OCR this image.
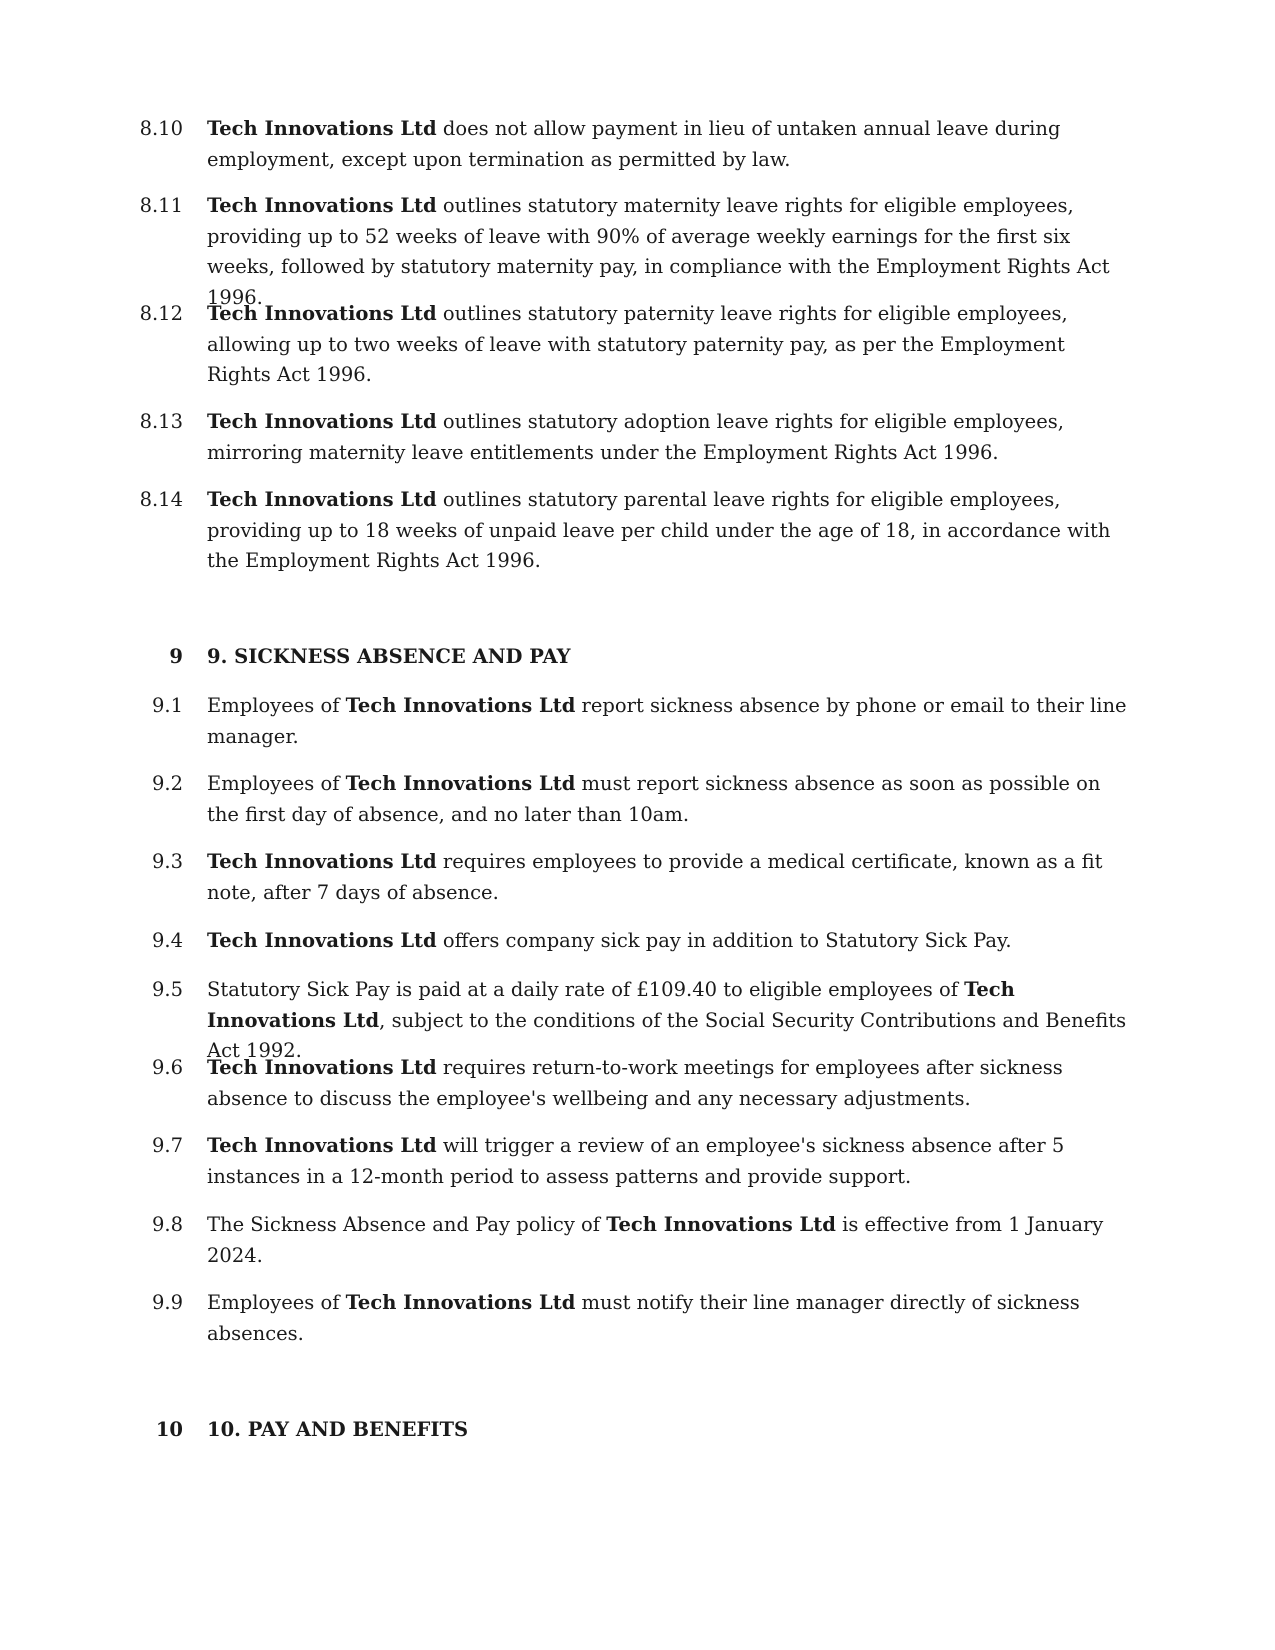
8.10 Tech Innovations Ltd does not allow payment in lieu of untaken annual leave during employment, except upon termination as permitted by law.

8.11 Tech Innovations Ltd outlines statutory maternity leave rights for eligible employees, providing up to 52 weeks of leave with 90% of average weekly earnings for the first six weeks, followed by statutory maternity pay, in compliance with the Employment Rights Act 1996.

8.12 Tech Innovations Ltd outlines statutory paternity leave rights for eligible employees, allowing up to two weeks of leave with statutory paternity pay, as per the Employment Rights Act 1996.

8.13 Tech Innovations Ltd outlines statutory adoption leave rights for eligible employees, mirroring maternity leave entitlements under the Employment Rights Act 1996.

8.14 Tech Innovations Ltd outlines statutory parental leave rights for eligible employees, providing up to 18 weeks of unpaid leave per child under the age of 18, in accordance with the Employment Rights Act 1996.

9 9. SICKNESS ABSENCE AND PAY

9.1 Employees of Tech Innovations Ltd report sickness absence by phone or email to their line manager.

9.2 Employees of Tech Innovations Ltd must report sickness absence as soon as possible on the first day of absence, and no later than 10am.

9.3 Tech Innovations Ltd requires employees to provide a medical certificate, known as a fit note, after 7 days of absence.

9.4 Tech Innovations Ltd offers company sick pay in addition to Statutory Sick Pay.

9.5 Statutory Sick Pay is paid at a daily rate of £109.40 to eligible employees of Tech Innovations Ltd, subject to the conditions of the Social Security Contributions and Benefits Act 1992.

9.6 Tech Innovations Ltd requires return-to-work meetings for employees after sickness absence to discuss the employee's wellbeing and any necessary adjustments.

9.7 Tech Innovations Ltd will trigger a review of an employee's sickness absence after 5 instances in a 12-month period to assess patterns and provide support.

9.8 The Sickness Absence and Pay policy of Tech Innovations Ltd is effective from 1 January 2024.

9.9 Employees of Tech Innovations Ltd must notify their line manager directly of sickness absences.

10 10. PAY AND BENEFITS
